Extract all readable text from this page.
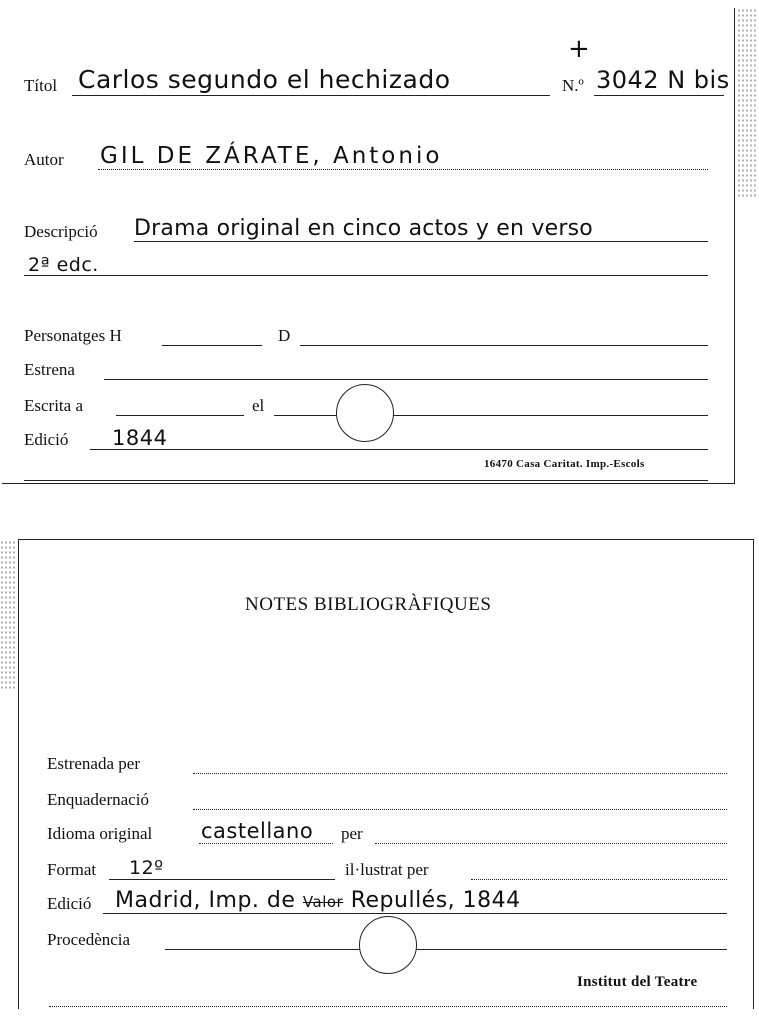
+
Títol Carlos segundo el hechizado	N.º 3042 N bis
Autor GIL DE ZÁRATE, Antonio
Descripció Drama original en cinco actos y en verso
2ª edc.
Personatges H	D
Estrena
Escrita a	el
Edició 1844
16470 Casa Caritat. Imp.-Escols
NOTES BIBLIOGRÀFIQUES
Estrenada per
Enquadernació
Idioma original castellano per
Format 12º	il·lustrat per
Edició Madrid, Imp. de Valor Repullés, 1844
Procedència
Institut del Teatre
